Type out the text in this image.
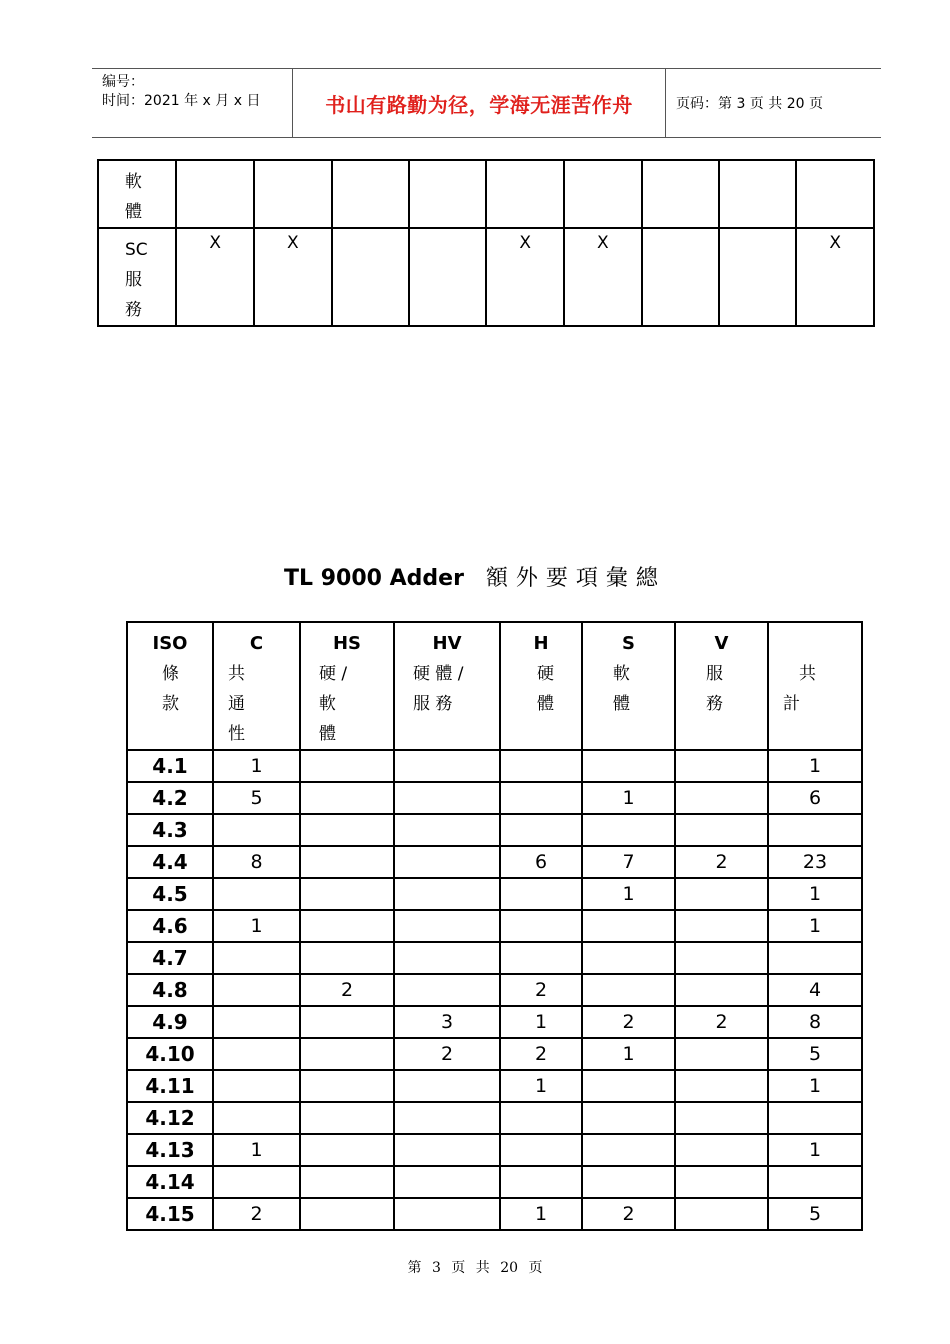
编号：
时间：2021 年 x 月 x 日	书山有路勤为径，学海无涯苦作舟	页码：第 3 页 共 20 页
軟
體									

SC
服
務	X	X			X	X			X
TL 9000 Adder 額外要項彙總
ISO
條
款	C
共
通
性	HS
硬 /
軟
體	HV
硬 體 /
服 務	H
硬
體	S
軟
體	V
服
務	共
計

4.1	1						1
4.2	5				1		6
4.3							
4.4	8			6	7	2	23
4.5					1		1
4.6	1						1
4.7							
4.8		2		2			4
4.9			3	1	2	2	8
4.10			2	2	1		5
4.11				1			1
4.12							
4.13	1						1
4.14							
4.15	2			1	2		5
第 3 页 共 20 页
